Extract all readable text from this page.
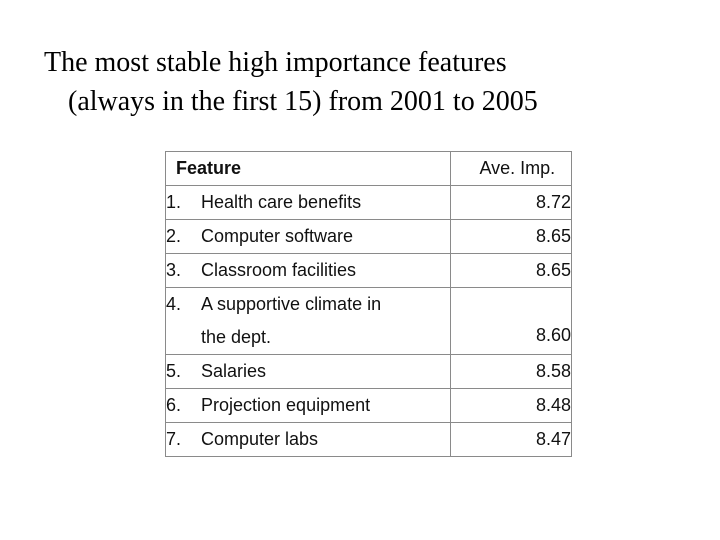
The most stable high importance features
(always in the first 15) from 2001 to 2005
Feature	Ave. Imp.
1. Health care benefits	8.72
2. Computer software	8.65
3. Classroom facilities	8.65

4. A supportive climate in
the dept.	8.60
5. Salaries	8.58
6. Projection equipment	8.48
7. Computer labs	8.47
